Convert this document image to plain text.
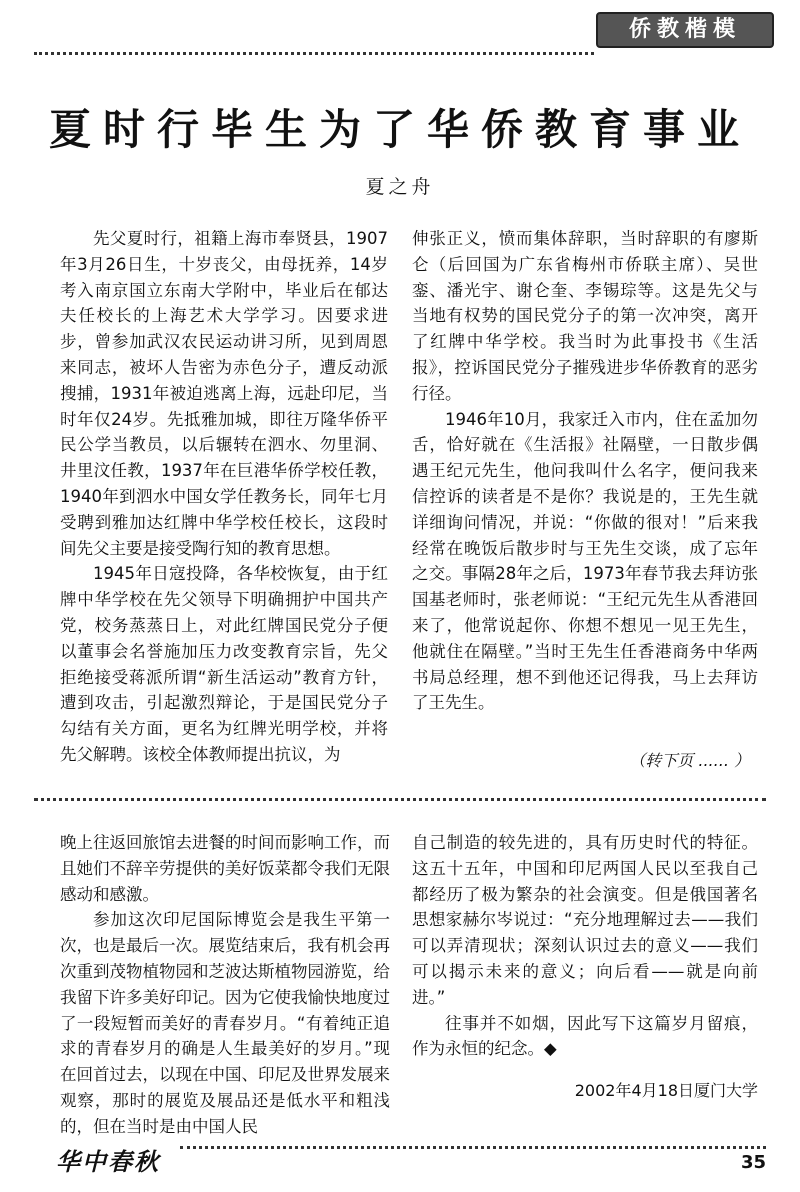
侨教楷模
夏时行毕生为了华侨教育事业
夏之舟

先父夏时行，祖籍上海市奉贤县，1907年3月26日生，十岁丧父，由母抚养，14岁考入南京国立东南大学附中，毕业后在郁达夫任校长的上海艺术大学学习。因要求进步，曾参加武汉农民运动讲习所，见到周恩来同志，被坏人告密为赤色分子，遭反动派搜捕，1931年被迫逃离上海，远赴印尼，当时年仅24岁。先抵雅加城，即往万隆华侨平民公学当教员，以后辗转在泗水、勿里洞、井里汶任教，1937年在巨港华侨学校任教，1940年到泗水中国女学任教务长，同年七月受聘到雅加达红牌中华学校任校长，这段时间先父主要是接受陶行知的教育思想。

1945年日寇投降，各华校恢复，由于红牌中华学校在先父领导下明确拥护中国共产党，校务蒸蒸日上，对此红牌国民党分子便以董事会名誉施加压力改变教育宗旨，先父拒绝接受蒋派所谓“新生活运动”教育方针，遭到攻击，引起激烈辩论，于是国民党分子勾结有关方面，更名为红牌光明学校，并将先父解聘。该校全体教师提出抗议，为

伸张正义，愤而集体辞职，当时辞职的有廖斯仑（后回国为广东省梅州市侨联主席）、吴世銮、潘光宇、谢仑奎、李锡琮等。这是先父与当地有权势的国民党分子的第一次冲突，离开了红牌中华学校。我当时为此事投书《生活报》，控诉国民党分子摧残进步华侨教育的恶劣行径。

1946年10月，我家迁入市内，住在孟加勿舌，恰好就在《生活报》社隔壁，一日散步偶遇王纪元先生，他问我叫什么名字，便问我来信控诉的读者是不是你？我说是的，王先生就详细询问情况，并说：“你做的很对！”后来我经常在晚饭后散步时与王先生交谈，成了忘年之交。事隔28年之后，1973年春节我去拜访张国基老师时，张老师说：“王纪元先生从香港回来了，他常说起你、你想不想见一见王先生，他就住在隔壁。”当时王先生任香港商务中华两书局总经理，想不到他还记得我，马上去拜访了王先生。

（转下页 ...... ）

晚上往返回旅馆去进餐的时间而影响工作，而且她们不辞辛劳提供的美好饭菜都令我们无限感动和感激。

参加这次印尼国际博览会是我生平第一次，也是最后一次。展览结束后，我有机会再次重到茂物植物园和芝波达斯植物园游览，给我留下许多美好印记。因为它使我愉快地度过了一段短暂而美好的青春岁月。“有着纯正追求的青春岁月的确是人生最美好的岁月。”现在回首过去，以现在中国、印尼及世界发展来观察，那时的展览及展品还是低水平和粗浅的，但在当时是由中国人民

自己制造的较先进的，具有历史时代的特征。这五十五年，中国和印尼两国人民以至我自己都经历了极为繁杂的社会演变。但是俄国著名思想家赫尔岑说过：“充分地理解过去——我们可以弄清现状；深刻认识过去的意义——我们可以揭示未来的意义；向后看——就是向前进。”

往事并不如烟，因此写下这篇岁月留痕，作为永恒的纪念。◆

2002年4月18日厦门大学
华中春秋	35
